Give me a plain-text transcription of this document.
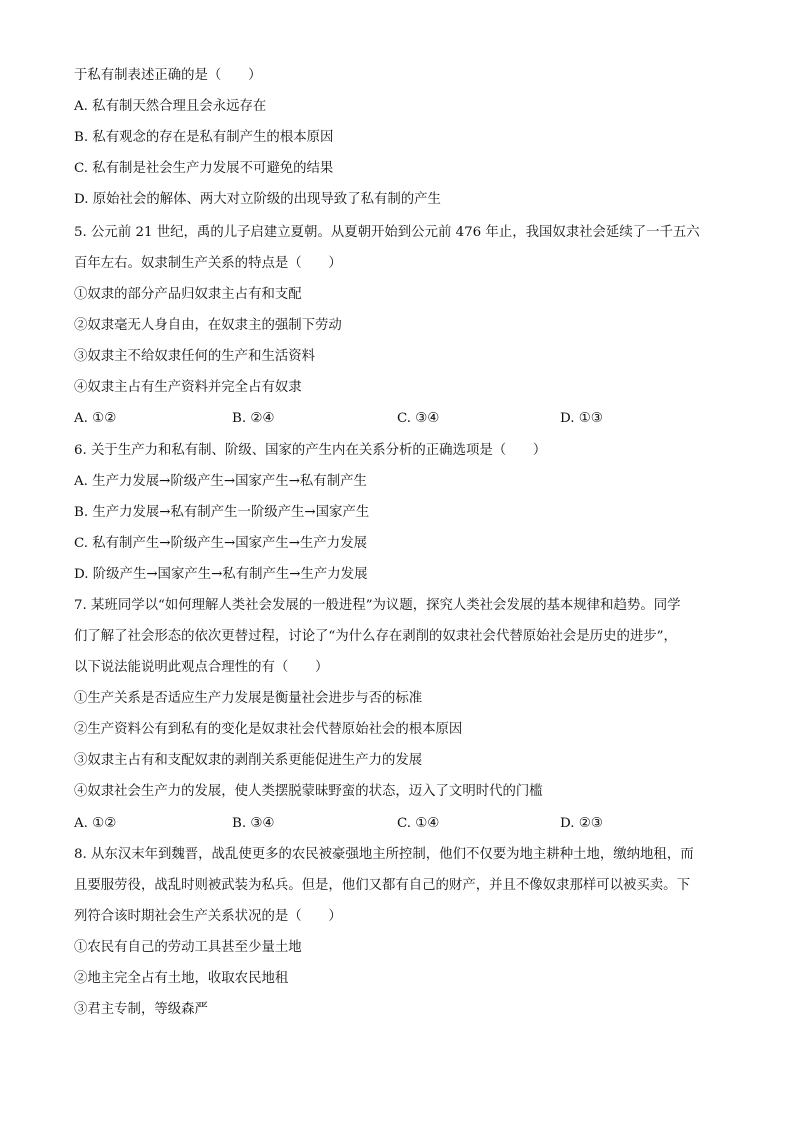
于私有制表述正确的是（　　）
A. 私有制天然合理且会永远存在
B. 私有观念的存在是私有制产生的根本原因
C. 私有制是社会生产力发展不可避免的结果
D. 原始社会的解体、两大对立阶级的出现导致了私有制的产生
5. 公元前 21 世纪，禹的儿子启建立夏朝。从夏朝开始到公元前 476 年止，我国奴隶社会延续了一千五六
百年左右。奴隶制生产关系的特点是（　　）
①奴隶的部分产品归奴隶主占有和支配
②奴隶毫无人身自由，在奴隶主的强制下劳动
③奴隶主不给奴隶任何的生产和生活资料
④奴隶主占有生产资料并完全占有奴隶
A. ①②	B. ②④	C. ③④	D. ①③
6. 关于生产力和私有制、阶级、国家的产生内在关系分析的正确选项是（　　）
A. 生产力发展→阶级产生→国家产生→私有制产生
B. 生产力发展→私有制产生一阶级产生→国家产生
C. 私有制产生→阶级产生→国家产生→生产力发展
D. 阶级产生→国家产生→私有制产生→生产力发展
7. 某班同学以“如何理解人类社会发展的一般进程”为议题，探究人类社会发展的基本规律和趋势。同学
们了解了社会形态的依次更替过程，讨论了“为什么存在剥削的奴隶社会代替原始社会是历史的进步”，
以下说法能说明此观点合理性的有（　　）
①生产关系是否适应生产力发展是衡量社会进步与否的标准
②生产资料公有到私有的变化是奴隶社会代替原始社会的根本原因
③奴隶主占有和支配奴隶的剥削关系更能促进生产力的发展
④奴隶社会生产力的发展，使人类摆脱蒙昧野蛮的状态，迈入了文明时代的门槛
A. ①②	B. ③④	C. ①④	D. ②③
8. 从东汉末年到魏晋，战乱使更多的农民被豪强地主所控制，他们不仅要为地主耕种土地，缴纳地租，而
且要服劳役，战乱时则被武装为私兵。但是，他们又都有自己的财产，并且不像奴隶那样可以被买卖。下
列符合该时期社会生产关系状况的是（　　）
①农民有自己的劳动工具甚至少量土地
②地主完全占有土地，收取农民地租
③君主专制，等级森严
